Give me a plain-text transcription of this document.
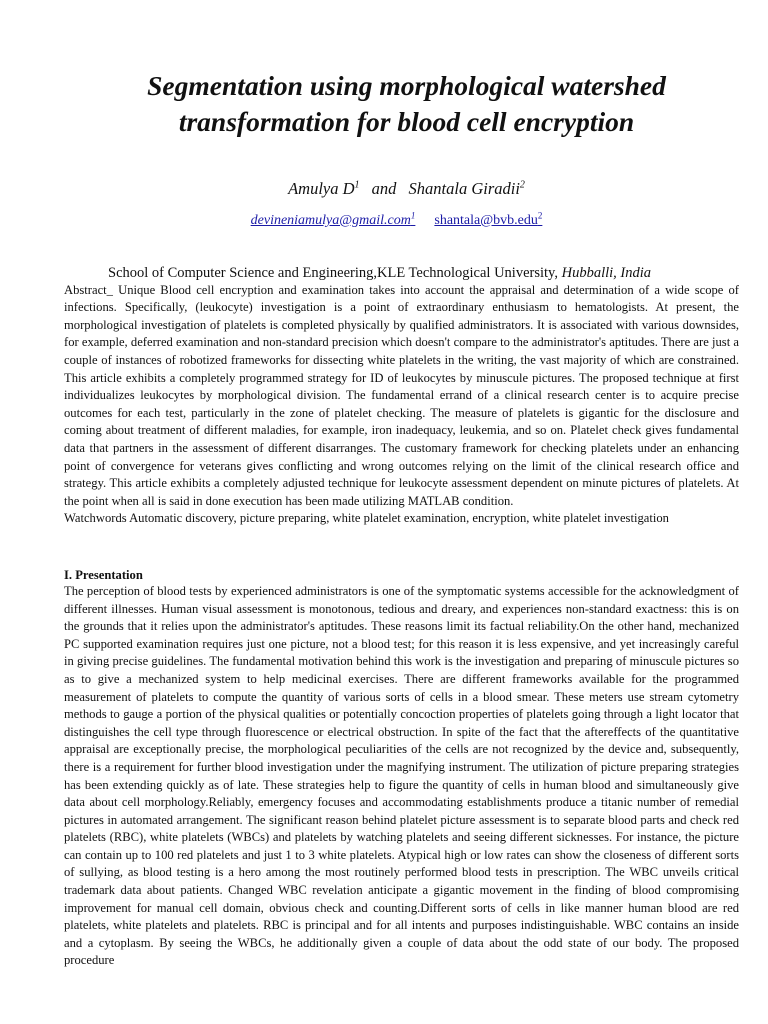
Segmentation using morphological watershed
transformation for blood cell encryption
Amulya $D^1$ and Shantala Giradii$^2$
devineniamulya@gmail.com$^1$ shantala@bvb.edu$^2$
School of Computer Science and Engineering,KLE Technological University, Hubballi, India

Abstract_ Unique Blood cell encryption and examination takes into account the appraisal and determination of a wide scope of infections. Specifically, (leukocyte) investigation is a point of extraordinary enthusiasm to hematologists. At present, the morphological investigation of platelets is completed physically by qualified administrators. It is associated with various downsides, for example, deferred examination and non-standard precision which doesn't compare to the administrator's aptitudes. There are just a couple of instances of robotized frameworks for dissecting white platelets in the writing, the vast majority of which are constrained. This article exhibits a completely programmed strategy for ID of leukocytes by minuscule pictures. The proposed technique at first individualizes leukocytes by morphological division. The fundamental errand of a clinical research center is to acquire precise outcomes for each test, particularly in the zone of platelet checking. The measure of platelets is gigantic for the disclosure and coming about treatment of different maladies, for example, iron inadequacy, leukemia, and so on. Platelet check gives fundamental data that partners in the assessment of different disarranges. The customary framework for checking platelets under an enhancing point of convergence for veterans gives conflicting and wrong outcomes relying on the limit of the clinical research office and strategy. This article exhibits a completely adjusted technique for leukocyte assessment dependent on minute pictures of platelets. At the point when all is said in done execution has been made utilizing MATLAB condition.

Watchwords Automatic discovery, picture preparing, white platelet examination, encryption, white platelet investigation

I. Presentation

The perception of blood tests by experienced administrators is one of the symptomatic systems accessible for the acknowledgment of different illnesses. Human visual assessment is monotonous, tedious and dreary, and experiences non-standard exactness: this is on the grounds that it relies upon the administrator's aptitudes. These reasons limit its factual reliability.On the other hand, mechanized PC supported examination requires just one picture, not a blood test; for this reason it is less expensive, and yet increasingly careful in giving precise guidelines. The fundamental motivation behind this work is the investigation and preparing of minuscule pictures so as to give a mechanized system to help medicinal exercises. There are different frameworks available for the programmed measurement of platelets to compute the quantity of various sorts of cells in a blood smear. These meters use stream cytometry methods to gauge a portion of the physical qualities or potentially concoction properties of platelets going through a light locator that distinguishes the cell type through fluorescence or electrical obstruction. In spite of the fact that the aftereffects of the quantitative appraisal are exceptionally precise, the morphological peculiarities of the cells are not recognized by the device and, subsequently, there is a requirement for further blood investigation under the magnifying instrument. The utilization of picture preparing strategies has been extending quickly as of late. These strategies help to figure the quantity of cells in human blood and simultaneously give data about cell morphology.Reliably, emergency focuses and accommodating establishments produce a titanic number of remedial pictures in automated arrangement. The significant reason behind platelet picture assessment is to separate blood parts and check red platelets (RBC), white platelets (WBCs) and platelets by watching platelets and seeing different sicknesses. For instance, the picture can contain up to 100 red platelets and just 1 to 3 white platelets. Atypical high or low rates can show the closeness of different sorts of sullying, as blood testing is a hero among the most routinely performed blood tests in prescription. The WBC unveils critical trademark data about patients. Changed WBC revelation anticipate a gigantic movement in the finding of blood compromising improvement for manual cell domain, obvious check and counting.Different sorts of cells in like manner human blood are red platelets, white platelets and platelets. RBC is principal and for all intents and purposes indistinguishable. WBC contains an inside and a cytoplasm. By seeing the WBCs, he additionally given a couple of data about the odd state of our body. The proposed procedure
